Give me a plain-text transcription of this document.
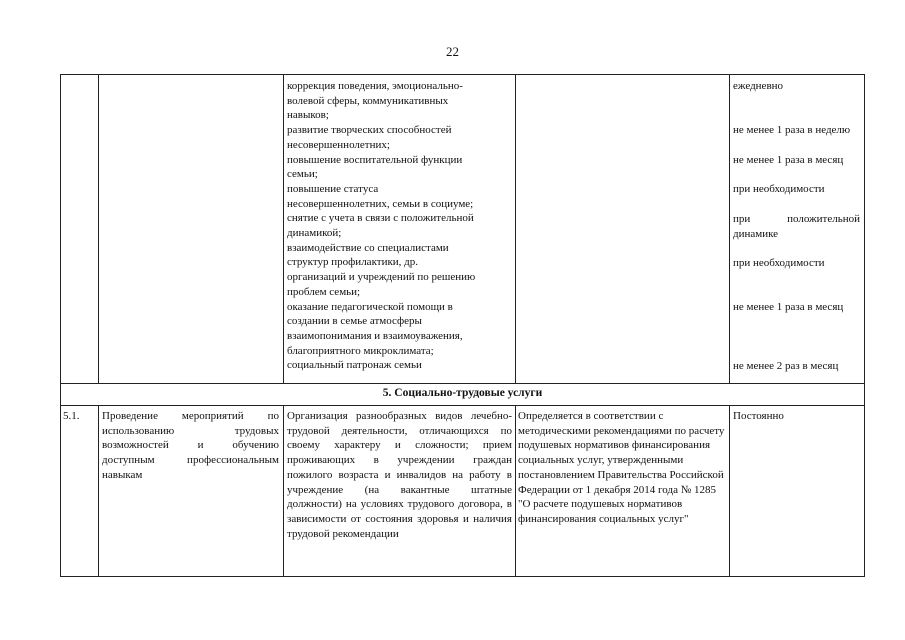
22
коррекция поведения, эмоционально-
волевой сферы, коммуникативных
навыков;
развитие творческих способностей
несовершеннолетних;
повышение воспитательной функции
семьи;
повышение статуса
несовершеннолетних, семьи в социуме;
снятие с учета в связи с положительной
динамикой;
взаимодействие со специалистами
структур профилактики, др.
организаций и учреждений по решению
проблем семьи;
оказание педагогической помощи в
создании в семье атмосферы
взаимопонимания и взаимоуважения,
благоприятного микроклимата;
социальный патронаж семьи
ежедневно
не менее 1 раза в неделю
не менее 1 раза в месяц
при необходимости
при положительной динамике
при необходимости
не менее 1 раза в месяц
не менее 2 раз в месяц
5. Социально-трудовые услуги
5.1.	Проведение мероприятий по использованию трудовых возможностей и обучению доступным профессиональным навыкам
Организация разнообразных видов лечебно-трудовой деятельности, отличающихся по своему характеру и сложности; прием проживающих в учреждении граждан пожилого возраста и инвалидов на работу в учреждение (на вакантные штатные должности) на условиях трудового договора, в зависимости от состояния здоровья и наличия трудовой рекомендации
Определяется в соответствии с методическими рекомендациями по расчету подушевых нормативов финансирования социальных услуг, утвержденными постановлением Правительства Российской Федерации от 1 декабря 2014 года № 1285 "О расчете подушевых нормативов финансирования социальных услуг"
Постоянно
